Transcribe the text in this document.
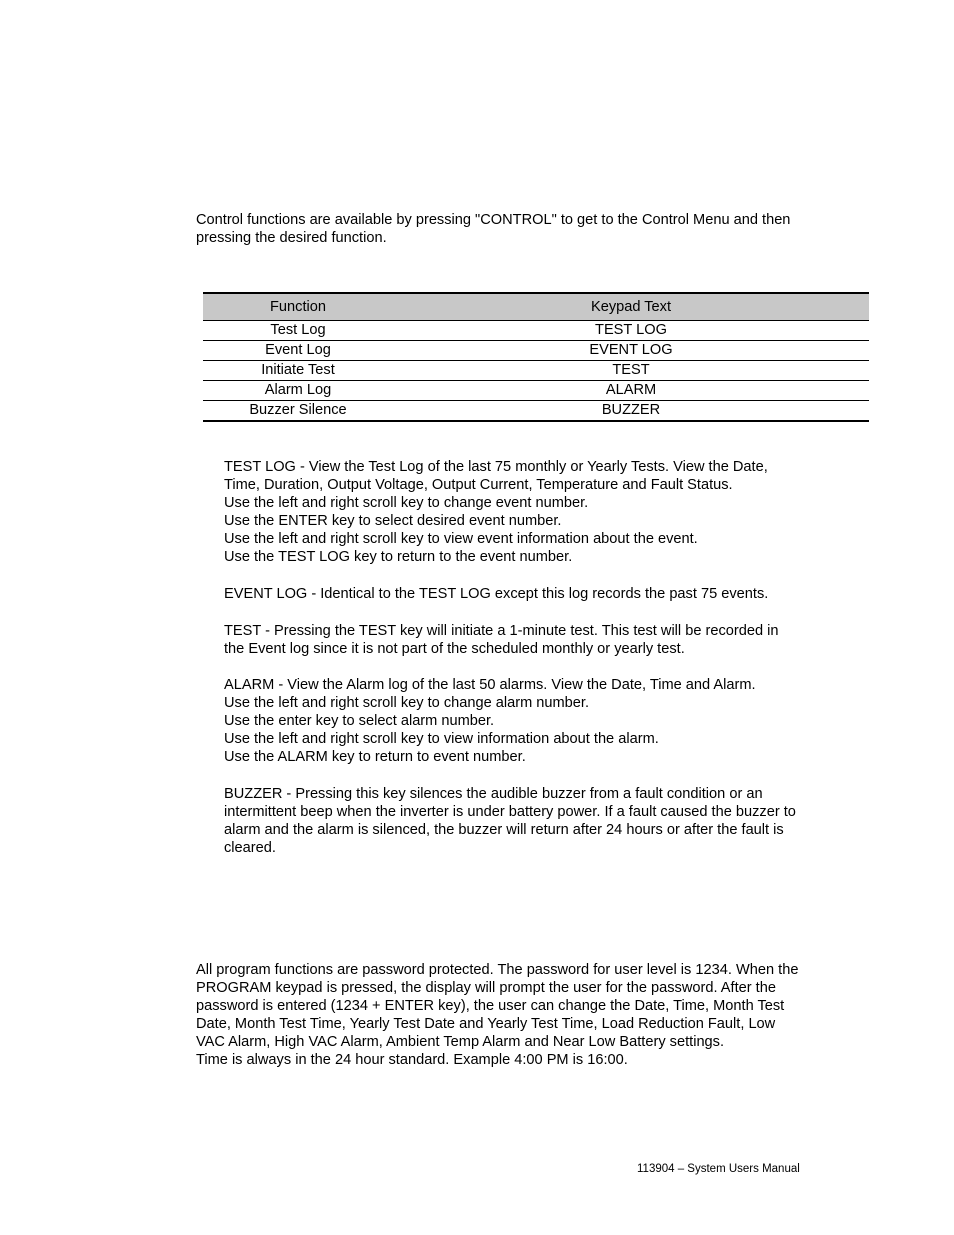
Control functions are available by pressing "CONTROL" to get to the Control Menu and then
pressing the desired function.
Function	Keypad Text
Test Log	TEST LOG
Event Log	EVENT LOG
Initiate Test	TEST
Alarm Log	ALARM
Buzzer Silence	BUZZER
TEST LOG - View the Test Log of the last 75 monthly or Yearly Tests. View the Date,
Time, Duration, Output Voltage, Output Current, Temperature and Fault Status.
Use the left and right scroll key to change event number.
Use the ENTER key to select desired event number.
Use the left and right scroll key to view event information about the event.
Use the TEST LOG key to return to the event number.
EVENT LOG - Identical to the TEST LOG except this log records the past 75 events.
TEST - Pressing the TEST key will initiate a 1-minute test. This test will be recorded in
the Event log since it is not part of the scheduled monthly or yearly test.
ALARM - View the Alarm log of the last 50 alarms. View the Date, Time and Alarm.
Use the left and right scroll key to change alarm number.
Use the enter key to select alarm number.
Use the left and right scroll key to view information about the alarm.
Use the ALARM key to return to event number.
BUZZER - Pressing this key silences the audible buzzer from a fault condition or an
intermittent beep when the inverter is under battery power. If a fault caused the buzzer to
alarm and the alarm is silenced, the buzzer will return after 24 hours or after the fault is
cleared.
All program functions are password protected. The password for user level is 1234. When the
PROGRAM keypad is pressed, the display will prompt the user for the password. After the
password is entered (1234 + ENTER key), the user can change the Date, Time, Month Test
Date, Month Test Time, Yearly Test Date and Yearly Test Time, Load Reduction Fault, Low
VAC Alarm, High VAC Alarm, Ambient Temp Alarm and Near Low Battery settings.
Time is always in the 24 hour standard. Example 4:00 PM is 16:00.
113904 – System Users Manual
